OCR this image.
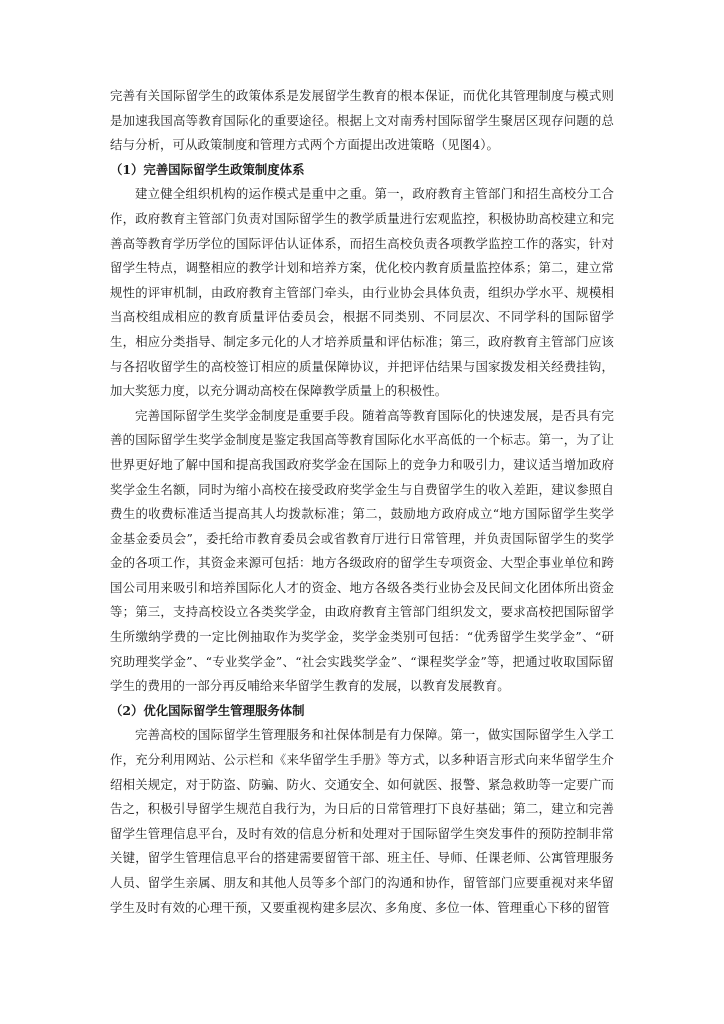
完善有关国际留学生的政策体系是发展留学生教育的根本保证，而优化其管理制度与模式则是加速我国高等教育国际化的重要途径。根据上文对南秀村国际留学生聚居区现存问题的总结与分析，可从政策制度和管理方式两个方面提出改进策略（见图4）。

（1）完善国际留学生政策制度体系

建立健全组织机构的运作模式是重中之重。第一，政府教育主管部门和招生高校分工合作，政府教育主管部门负责对国际留学生的教学质量进行宏观监控，积极协助高校建立和完善高等教育学历学位的国际评估认证体系，而招生高校负责各项教学监控工作的落实，针对留学生特点，调整相应的教学计划和培养方案，优化校内教育质量监控体系；第二，建立常规性的评审机制，由政府教育主管部门牵头，由行业协会具体负责，组织办学水平、规模相当高校组成相应的教育质量评估委员会，根据不同类别、不同层次、不同学科的国际留学生，相应分类指导、制定多元化的人才培养质量和评估标准；第三，政府教育主管部门应该与各招收留学生的高校签订相应的质量保障协议，并把评估结果与国家拨发相关经费挂钩，加大奖惩力度，以充分调动高校在保障教学质量上的积极性。

完善国际留学生奖学金制度是重要手段。随着高等教育国际化的快速发展，是否具有完善的国际留学生奖学金制度是鉴定我国高等教育国际化水平高低的一个标志。第一，为了让世界更好地了解中国和提高我国政府奖学金在国际上的竞争力和吸引力，建议适当增加政府奖学金生名额，同时为缩小高校在接受政府奖学金生与自费留学生的收入差距，建议参照自费生的收费标准适当提高其人均拨款标准；第二，鼓励地方政府成立“地方国际留学生奖学金基金委员会”，委托给市教育委员会或省教育厅进行日常管理，并负责国际留学生的奖学金的各项工作，其资金来源可包括：地方各级政府的留学生专项资金、大型企事业单位和跨国公司用来吸引和培养国际化人才的资金、地方各级各类行业协会及民间文化团体所出资金等；第三，支持高校设立各类奖学金，由政府教育主管部门组织发文，要求高校把国际留学生所缴纳学费的一定比例抽取作为奖学金，奖学金类别可包括：“优秀留学生奖学金”、“研究助理奖学金”、“专业奖学金”、“社会实践奖学金”、“课程奖学金”等，把通过收取国际留学生的费用的一部分再反哺给来华留学生教育的发展，以教育发展教育。

（2）优化国际留学生管理服务体制

完善高校的国际留学生管理服务和社保体制是有力保障。第一，做实国际留学生入学工作，充分利用网站、公示栏和《来华留学生手册》等方式，以多种语言形式向来华留学生介绍相关规定，对于防盗、防骗、防火、交通安全、如何就医、报警、紧急救助等一定要广而告之，积极引导留学生规范自我行为，为日后的日常管理打下良好基础；第二，建立和完善留学生管理信息平台，及时有效的信息分析和处理对于国际留学生突发事件的预防控制非常关键，留学生管理信息平台的搭建需要留管干部、班主任、导师、任课老师、公寓管理服务人员、留学生亲属、朋友和其他人员等多个部门的沟通和协作，留管部门应要重视对来华留学生及时有效的心理干预，又要重视构建多层次、多角度、多位一体、管理重心下移的留管
